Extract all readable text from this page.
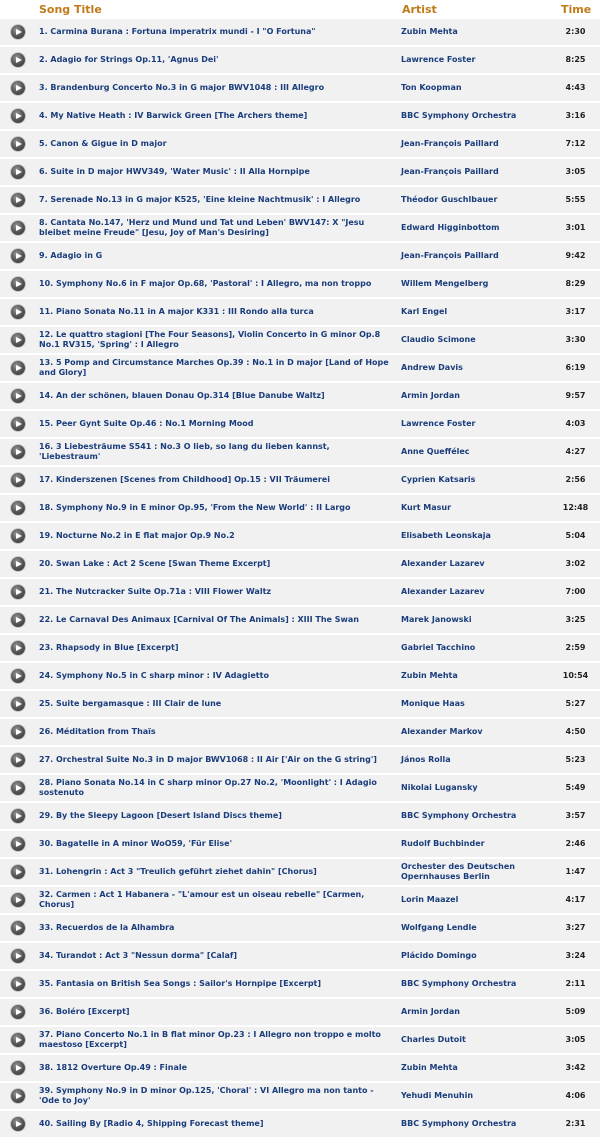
Song Title	Artist	Time
1. Carmina Burana : Fortuna imperatrix mundi - I "O Fortuna"	Zubin Mehta	2:30
2. Adagio for Strings Op.11, 'Agnus Dei'	Lawrence Foster	8:25
3. Brandenburg Concerto No.3 in G major BWV1048 : III Allegro	Ton Koopman	4:43
4. My Native Heath : IV Barwick Green [The Archers theme]	BBC Symphony Orchestra	3:16
5. Canon & Gigue in D major	Jean-François Paillard	7:12
6. Suite in D major HWV349, 'Water Music' : II Alla Hornpipe	Jean-François Paillard	3:05
7. Serenade No.13 in G major K525, 'Eine kleine Nachtmusik' : I Allegro	Théodor Guschlbauer	5:55
8. Cantata No.147, 'Herz und Mund und Tat und Leben' BWV147: X "Jesu bleibet meine Freude" [Jesu, Joy of Man's Desiring]
Edward Higginbottom	3:01
9. Adagio in G	Jean-François Paillard	9:42
10. Symphony No.6 in F major Op.68, 'Pastoral' : I Allegro, ma non troppo	Willem Mengelberg	8:29
11. Piano Sonata No.11 in A major K331 : III Rondo alla turca	Karl Engel	3:17
12. Le quattro stagioni [The Four Seasons], Violin Concerto in G minor Op.8 No.1 RV315, 'Spring' : I Allegro
Claudio Scimone	3:30
13. 5 Pomp and Circumstance Marches Op.39 : No.1 in D major [Land of Hope and Glory]
Andrew Davis	6:19
14. An der schönen, blauen Donau Op.314 [Blue Danube Waltz]	Armin Jordan	9:57
15. Peer Gynt Suite Op.46 : No.1 Morning Mood	Lawrence Foster	4:03
16. 3 Liebesträume S541 : No.3 O lieb, so lang du lieben kannst, 'Liebestraum'
Anne Queffélec	4:27
17. Kinderszenen [Scenes from Childhood] Op.15 : VII Träumerei	Cyprien Katsaris	2:56
18. Symphony No.9 in E minor Op.95, 'From the New World' : II Largo	Kurt Masur	12:48
19. Nocturne No.2 in E flat major Op.9 No.2	Elisabeth Leonskaja	5:04
20. Swan Lake : Act 2 Scene [Swan Theme Excerpt]	Alexander Lazarev	3:02
21. The Nutcracker Suite Op.71a : VIII Flower Waltz	Alexander Lazarev	7:00
22. Le Carnaval Des Animaux [Carnival Of The Animals] : XIII The Swan	Marek Janowski	3:25
23. Rhapsody in Blue [Excerpt]	Gabriel Tacchino	2:59
24. Symphony No.5 in C sharp minor : IV Adagietto	Zubin Mehta	10:54
25. Suite bergamasque : III Clair de lune	Monique Haas	5:27
26. Méditation from Thaïs	Alexander Markov	4:50
27. Orchestral Suite No.3 in D major BWV1068 : II Air ['Air on the G string']	János Rolla	5:23
28. Piano Sonata No.14 in C sharp minor Op.27 No.2, 'Moonlight' : I Adagio sostenuto
Nikolai Lugansky	5:49
29. By the Sleepy Lagoon [Desert Island Discs theme]	BBC Symphony Orchestra	3:57
30. Bagatelle in A minor WoO59, 'Für Elise'	Rudolf Buchbinder	2:46
31. Lohengrin : Act 3 "Treulich geführt ziehet dahin" [Chorus]
Orchester des Deutschen Opernhauses Berlin
1:47
32. Carmen : Act 1 Habanera - "L'amour est un oiseau rebelle" [Carmen, Chorus]
Lorin Maazel	4:17
33. Recuerdos de la Alhambra	Wolfgang Lendle	3:27
34. Turandot : Act 3 "Nessun dorma" [Calaf]	Plácido Domingo	3:24
35. Fantasia on British Sea Songs : Sailor's Hornpipe [Excerpt]	BBC Symphony Orchestra	2:11
36. Boléro [Excerpt]	Armin Jordan	5:09
37. Piano Concerto No.1 in B flat minor Op.23 : I Allegro non troppo e molto maestoso [Excerpt]
Charles Dutoit	3:05
38. 1812 Overture Op.49 : Finale	Zubin Mehta	3:42
39. Symphony No.9 in D minor Op.125, 'Choral' : VI Allegro ma non tanto - 'Ode to Joy'
Yehudi Menuhin	4:06
40. Sailing By [Radio 4, Shipping Forecast theme]	BBC Symphony Orchestra	2:31
